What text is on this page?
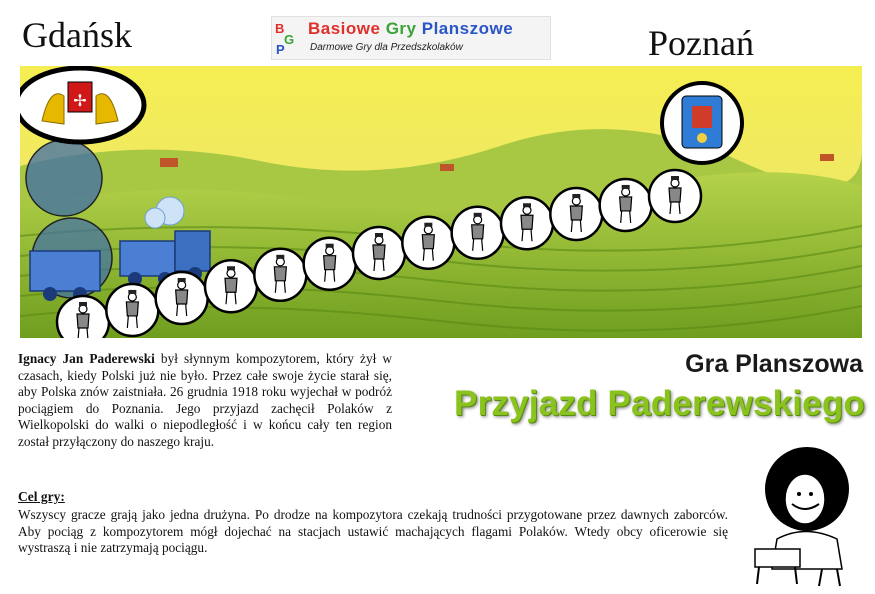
Gdańsk	Poznań
B
G
P
Basiowe Gry Planszowe
Darmowe Gry dla Przedszkolaków
✢
Ignacy Jan Paderewski był słynnym kompozytorem, który żył w czasach, kiedy Polski już nie było. Przez całe swoje życie starał się, aby Polska znów zaistniała. 26 grudnia 1918 roku wyjechał w podróż pociągiem do Poznania. Jego przyjazd zachęcił Polaków z Wielkopolski do walki o niepodległość i w końcu cały ten region został przyłączony do naszego kraju.
Gra Planszowa
Przyjazd Paderewskiego
Cel gry:
Wszyscy gracze grają jako jedna drużyna. Po drodze na kompozytora czekają trudności przygotowane przez dawnych zaborców. Aby pociąg z kompozytorem mógł dojechać na stacjach ustawić machających flagami Polaków. Wtedy obcy oficerowie się wystraszą i nie zatrzymają pociągu.
